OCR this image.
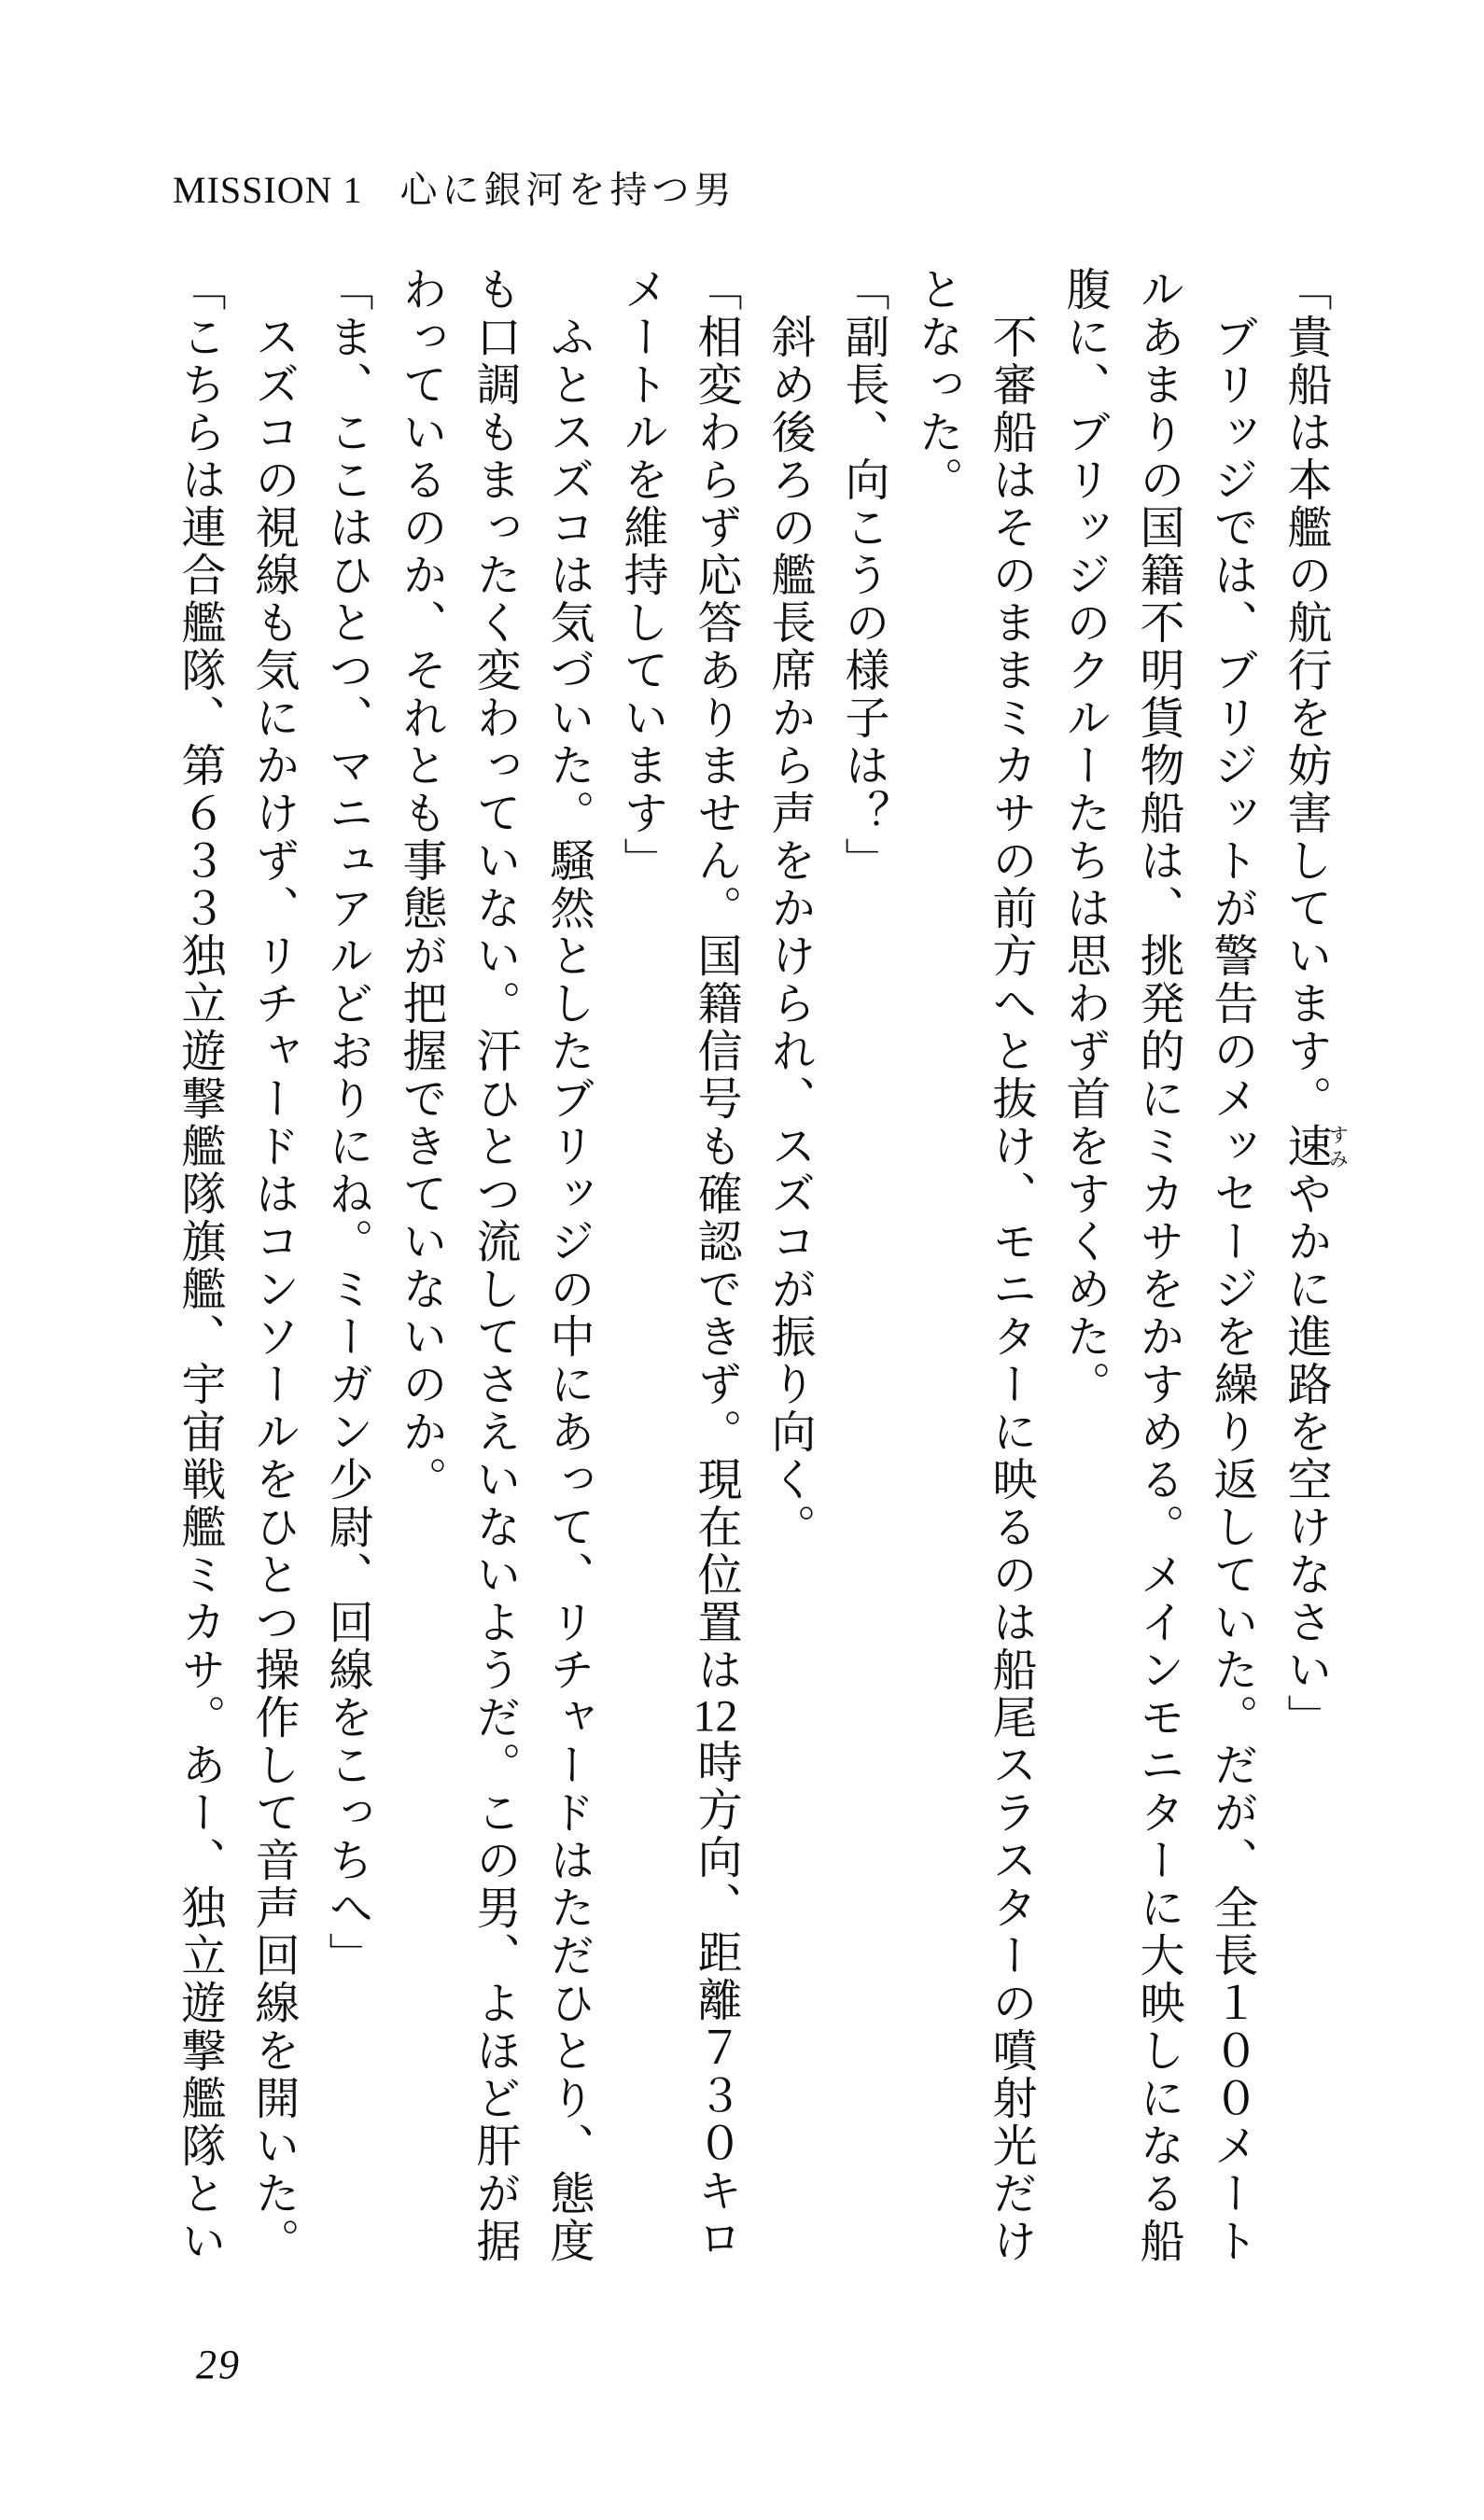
MISSION 1 心に銀河を持つ男
「貴船は本艦の航行を妨害しています。速すみやかに進路を空けなさい」
ブリッジでは、ブリジットが警告のメッセージを繰り返していた。だが、全長１００メート
ルあまりの国籍不明貨物船は、挑発的にミカサをかすめる。メインモニターに大映しになる船
腹に、ブリッジのクルーたちは思わず首をすくめた。
不審船はそのままミカサの前方へと抜け、モニターに映るのは船尾スラスターの噴射光だけ
となった。
「副長、向こうの様子は？」
斜め後ろの艦長席から声をかけられ、スズコが振り向く。
「相変わらず応答ありません。国籍信号も確認できず。現在位置は12時方向、距離７３０キロ
メートルを維持しています」
ふとスズコは気づいた。騒然としたブリッジの中にあって、リチャードはただひとり、態度
も口調もまったく変わっていない。汗ひとつ流してさえいないようだ。この男、よほど肝が据
わっているのか、それとも事態が把握できていないのか。
「ま、ここはひとつ、マニュアルどおりにね。ミーガン少尉、回線をこっちへ」
スズコの視線も気にかけず、リチャードはコンソールをひとつ操作して音声回線を開いた。
「こちらは連合艦隊、第６３３独立遊撃艦隊旗艦、宇宙戦艦ミカサ。あー、独立遊撃艦隊とい
29
